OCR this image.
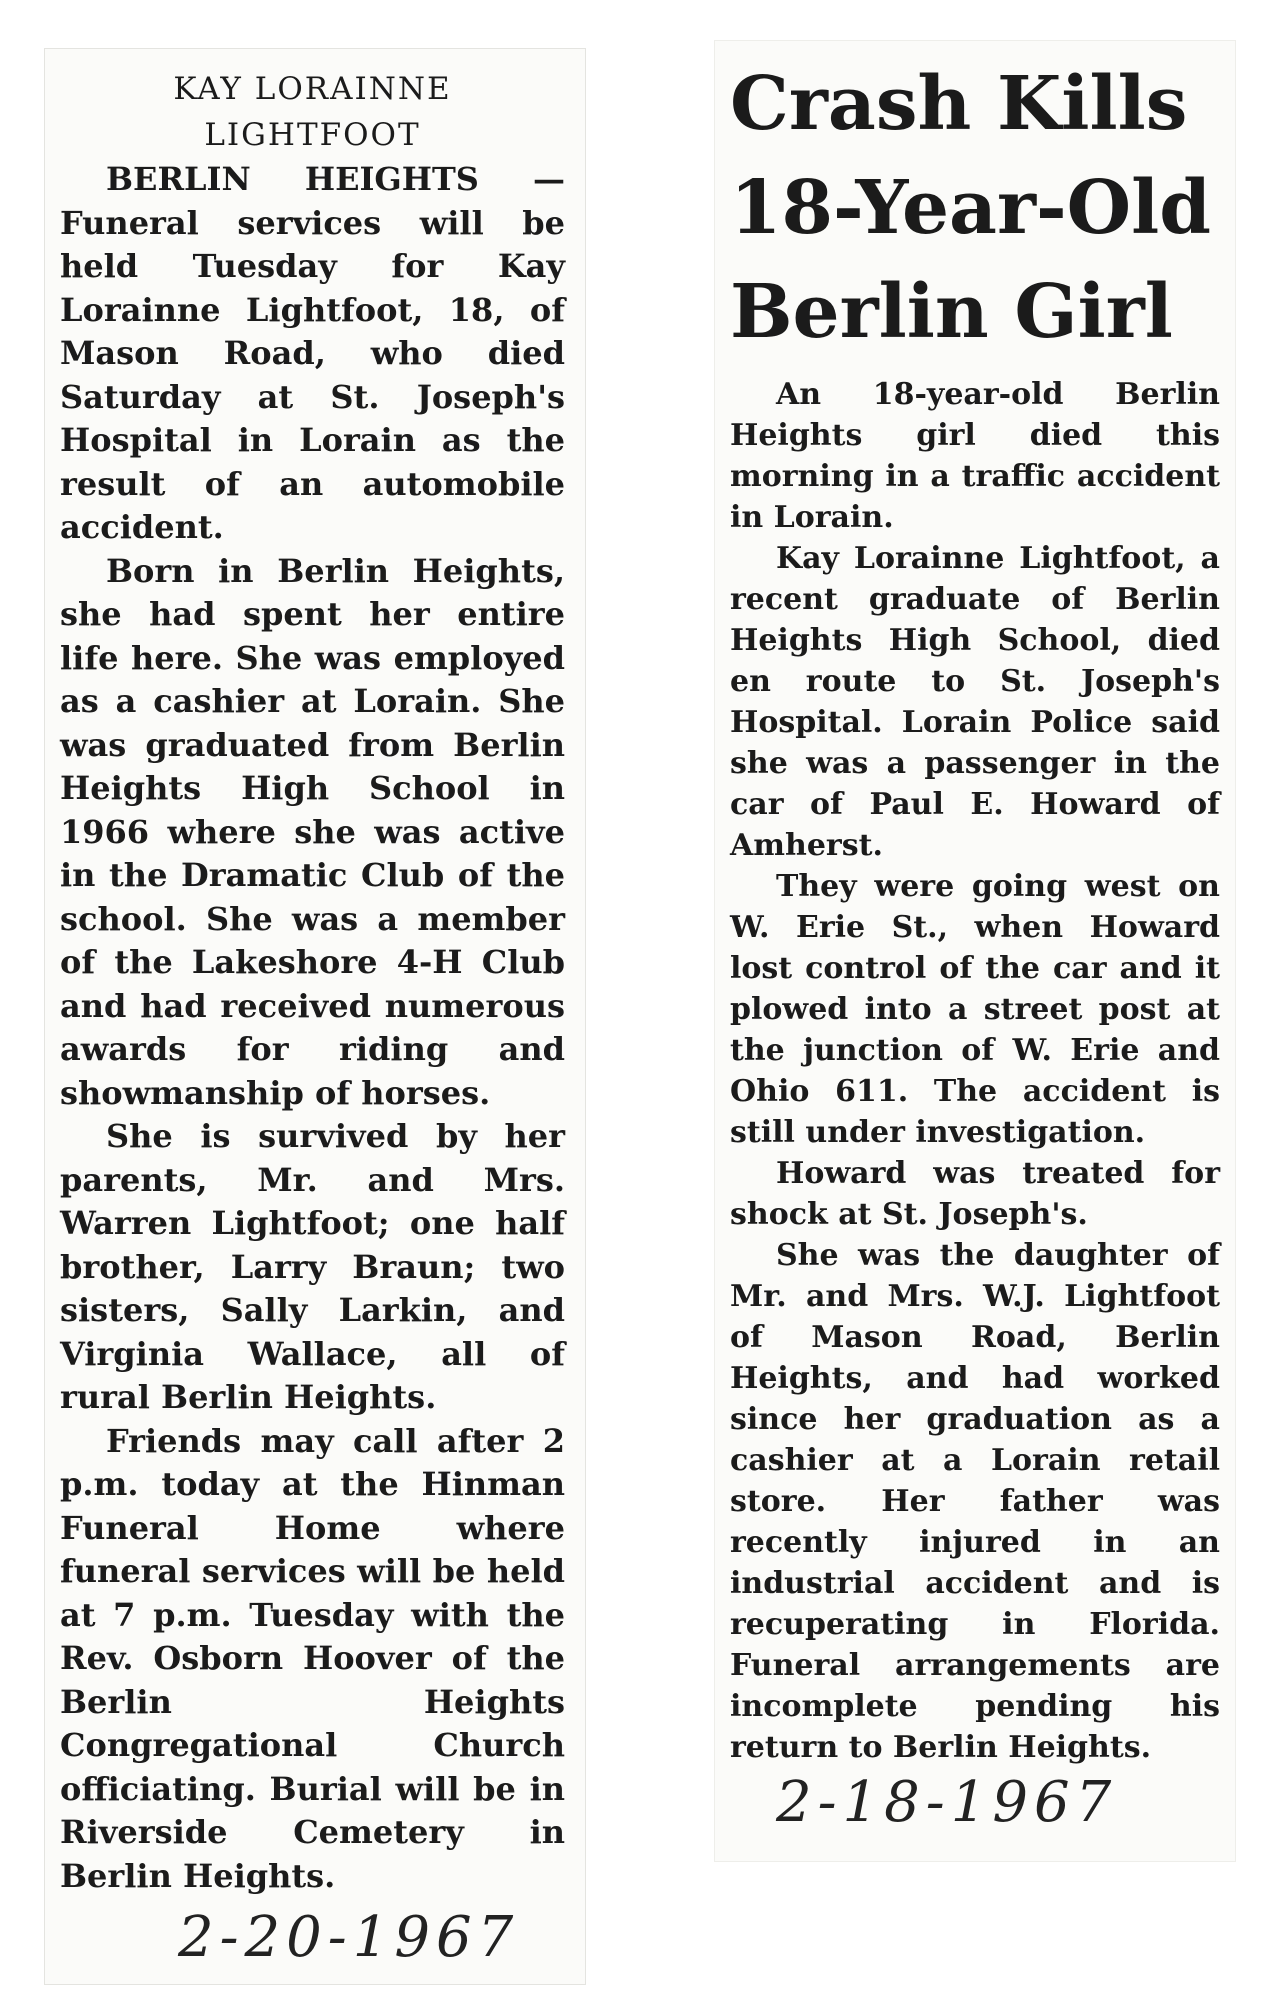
KAY LORAINNE
LIGHTFOOT

BERLIN HEIGHTS — Funeral services will be held Tuesday for Kay Lorainne Lightfoot, 18, of Mason Road, who died Saturday at St. Joseph's Hospital in Lorain as the result of an automobile accident.

Born in Berlin Heights, she had spent her entire life here. She was employed as a cashier at Lorain. She was graduated from Berlin Heights High School in 1966 where she was active in the Dramatic Club of the school. She was a member of the Lakeshore 4-H Club and had received numerous awards for riding and showmanship of horses.

She is survived by her parents, Mr. and Mrs. Warren Lightfoot; one half brother, Larry Braun; two sisters, Sally Larkin, and Virginia Wallace, all of rural Berlin Heights.

Friends may call after 2 p.m. today at the Hinman Funeral Home where funeral services will be held at 7 p.m. Tuesday with the Rev. Osborn Hoover of the Berlin Heights Congregational Church officiating. Burial will be in Riverside Cemetery in Berlin Heights.

Crash Kills
18-Year-Old
Berlin Girl

An 18-year-old Berlin Heights girl died this morning in a traffic accident in Lorain.

Kay Lorainne Lightfoot, a recent graduate of Berlin Heights High School, died en route to St. Joseph's Hospital. Lorain Police said she was a passenger in the car of Paul E. Howard of Amherst.

They were going west on W. Erie St., when Howard lost control of the car and it plowed into a street post at the junction of W. Erie and Ohio 611. The accident is still under investigation.

Howard was treated for shock at St. Joseph's.

She was the daughter of Mr. and Mrs. W.J. Lightfoot of Mason Road, Berlin Heights, and had worked since her graduation as a cashier at a Lorain retail store. Her father was recently injured in an industrial accident and is recuperating in Florida. Funeral arrangements are incomplete pending his return to Berlin Heights.

2-20-1967
2-18-1967
